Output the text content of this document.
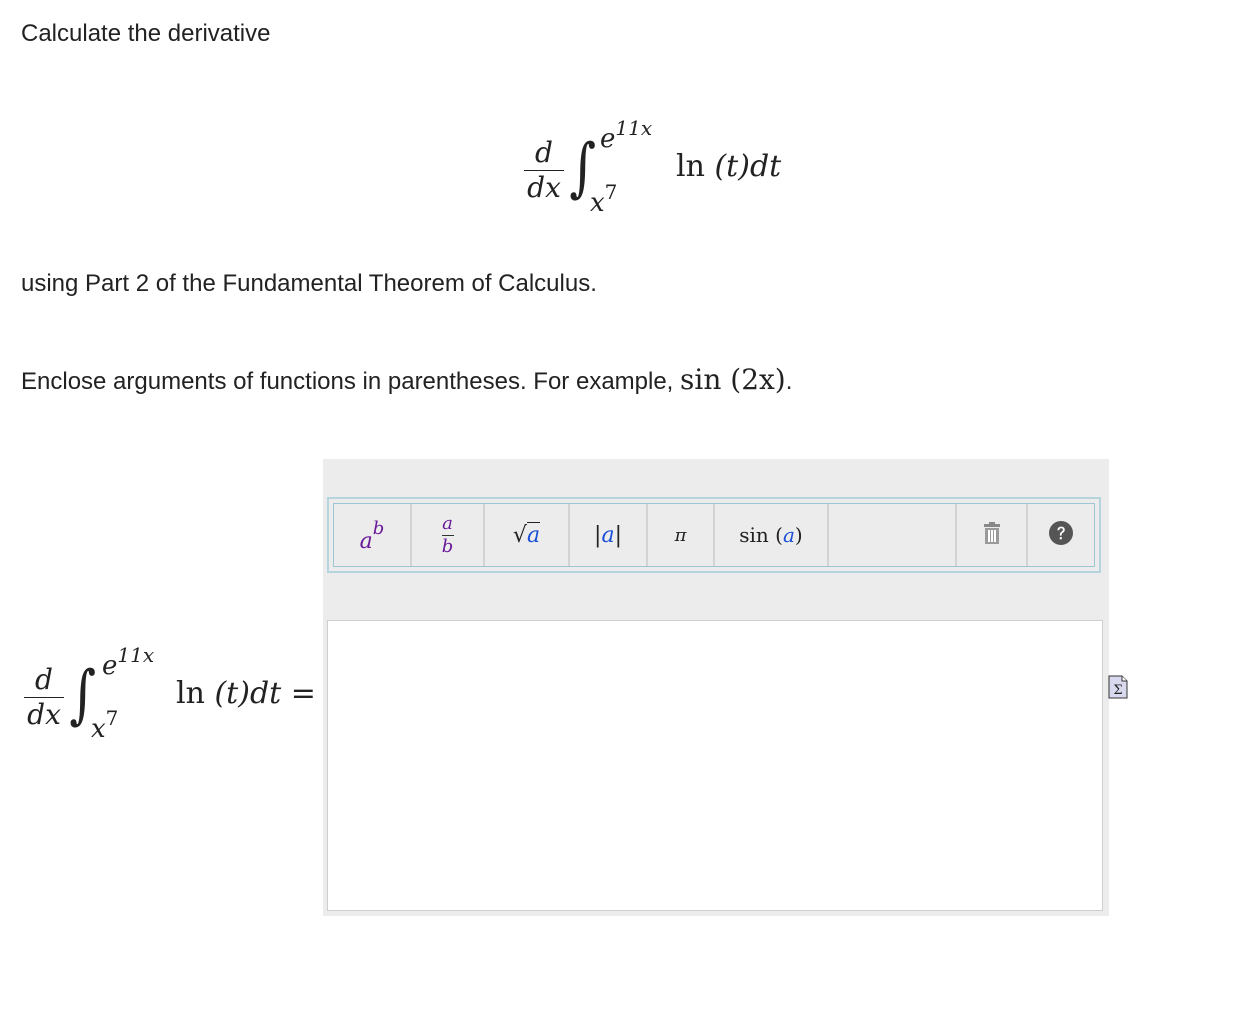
Calculate the derivative
d
dx ∫ $e^{11x}$
$x^7$
ln (t)dt
using Part 2 of the Fundamental Theorem of Calculus.
Enclose arguments of functions in parentheses. For example, sin (2x).
d
dx ∫ $e^{11x}$
$x^7$
ln (t)dt =
$a^b$	a
b	√a |a|	π	sin (a)
Σ
